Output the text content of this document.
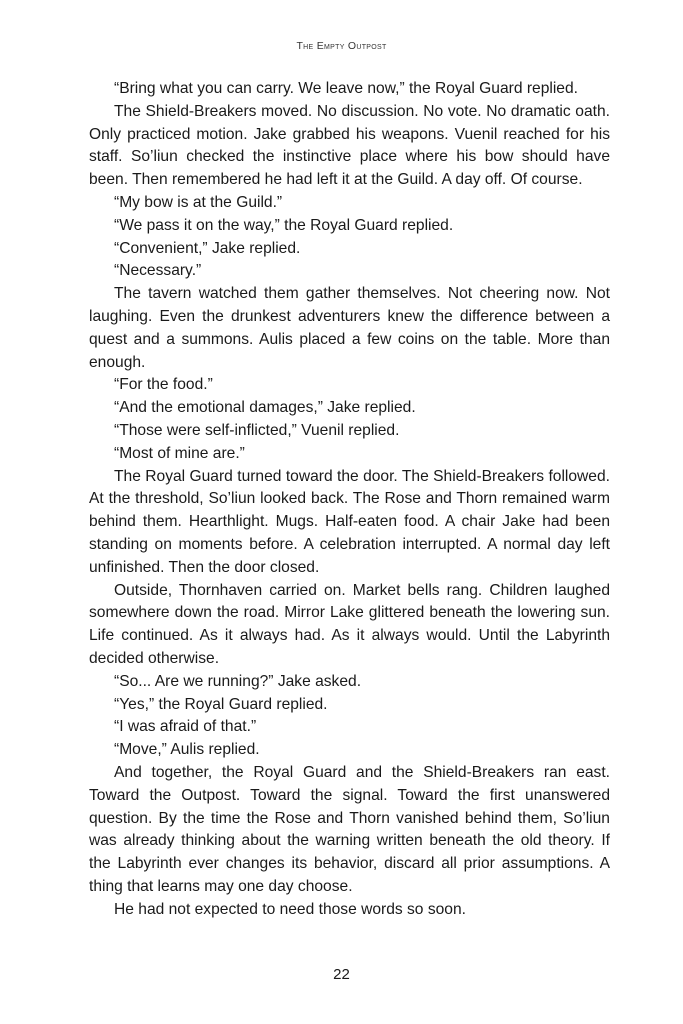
The Empty Outpost

“Bring what you can carry. We leave now,” the Royal Guard replied.

The Shield-Breakers moved. No discussion. No vote. No dramatic oath. Only practiced motion. Jake grabbed his weapons. Vuenil reached for his staff. So’liun checked the instinctive place where his bow should have been. Then remembered he had left it at the Guild. A day off. Of course.

“My bow is at the Guild.”

“We pass it on the way,” the Royal Guard replied.

“Convenient,” Jake replied.

“Necessary.”

The tavern watched them gather themselves. Not cheering now. Not laughing. Even the drunkest adventurers knew the difference between a quest and a summons. Aulis placed a few coins on the table. More than enough.

“For the food.”

“And the emotional damages,” Jake replied.

“Those were self-inflicted,” Vuenil replied.

“Most of mine are.”

The Royal Guard turned toward the door. The Shield-Breakers followed. At the threshold, So’liun looked back. The Rose and Thorn remained warm behind them. Hearthlight. Mugs. Half-eaten food. A chair Jake had been standing on moments before. A celebration interrupted. A normal day left unfinished. Then the door closed.

Outside, Thornhaven carried on. Market bells rang. Children laughed somewhere down the road. Mirror Lake glittered beneath the lowering sun. Life continued. As it always had. As it always would. Until the Labyrinth decided otherwise.

“So... Are we running?” Jake asked.

“Yes,” the Royal Guard replied.

“I was afraid of that.”

“Move,” Aulis replied.

And together, the Royal Guard and the Shield-Breakers ran east. Toward the Outpost. Toward the signal. Toward the first unanswered question. By the time the Rose and Thorn vanished behind them, So’liun was already thinking about the warning written beneath the old theory. If the Labyrinth ever changes its behavior, discard all prior assumptions. A thing that learns may one day choose.

He had not expected to need those words so soon.

22
